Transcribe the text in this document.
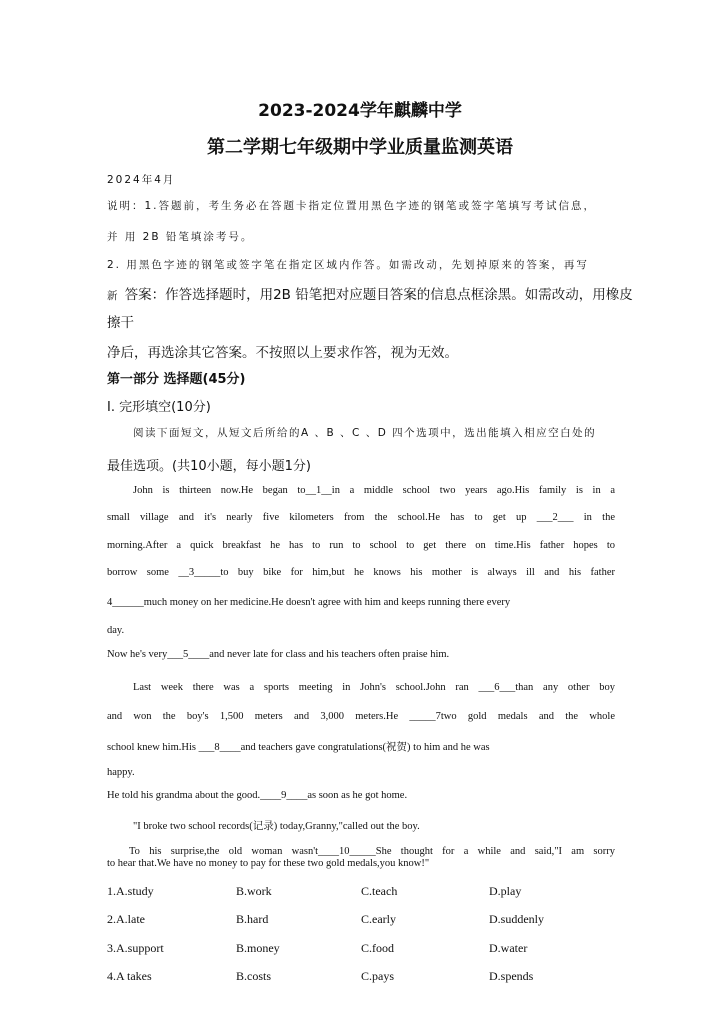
2023-2024学年麒麟中学
第二学期七年级期中学业质量监测英语
2024年4月
说明：1.答题前，考生务必在答题卡指定位置用黑色字迹的钢笔或签字笔填写考试信息，
并 用 2B 铅笔填涂考号。
2. 用黑色字迹的钢笔或签字笔在指定区域内作答。如需改动，先划掉原来的答案，再写
新 答案：作答选择题时，用2B 铅笔把对应题目答案的信息点框涂黑。如需改动，用橡皮
擦干
净后，再选涂其它答案。不按照以上要求作答，视为无效。
第一部分 选择题(45分)
I. 完形填空(10分)
阅读下面短文，从短文后所给的A 、B 、C 、D 四个选项中，选出能填入相应空白处的
最佳选项。(共10小题，每小题1分)
John is thirteen now.He began to__1__in a middle school two years ago.His family is in a
small village and it's nearly five kilometers from the school.He has to get up ___2___ in the
morning.After a quick breakfast he has to run to school to get there on time.His father hopes to
borrow some __3_____to buy bike for him,but he knows his mother is always ill and his father
4______much money on her medicine.He doesn't agree with him and keeps running there every
day.
Now he's very___5____and never late for class and his teachers often praise him.
Last week there was a sports meeting in John's school.John ran ___6___than any other boy
and won the boy's 1,500 meters and 3,000 meters.He _____7two gold medals and the whole
school knew him.His ___8____and teachers gave congratulations(祝贺) to him and he was
happy.
He told his grandma about the good.____9____as soon as he got home.
"I broke two school records(记录) today,Granny,"called out the boy.
To his surprise,the old woman wasn't____10_____She thought for a while and said,"I am sorry
to hear that.We have no money to pay for these two gold medals,you know!"
1.A.study	B.work	C.teach	D.play
2.A.late	B.hard	C.early	D.suddenly
3.A.support	B.money	C.food	D.water
4.A takes	B.costs	C.pays	D.spends
